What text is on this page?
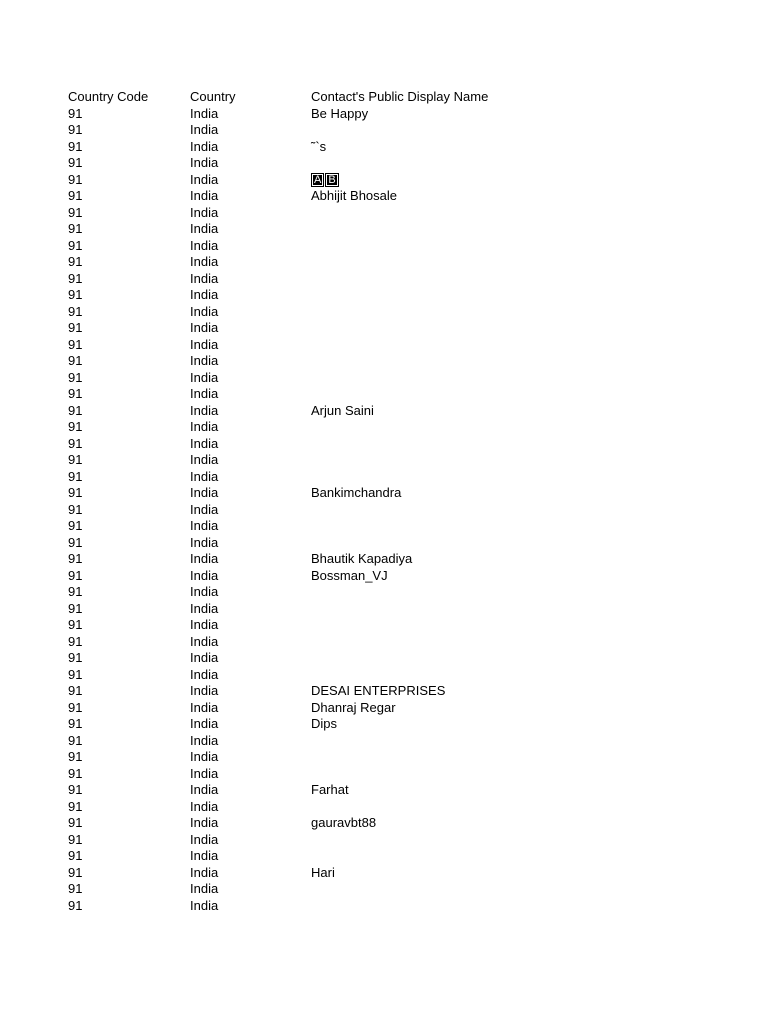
Country Code	Country	Contact's Public Display Name
91	India	Be Happy
91	India
91	India	˜`s
91	India
91	India	A B
91	India	Abhijit Bhosale
91	India
91	India
91	India
91	India
91	India
91	India
91	India
91	India
91	India
91	India
91	India
91	India
91	India	Arjun Saini
91	India
91	India
91	India
91	India
91	India	Bankimchandra
91	India
91	India
91	India
91	India	Bhautik Kapadiya
91	India	Bossman_VJ
91	India
91	India
91	India
91	India
91	India
91	India
91	India	DESAI ENTERPRISES
91	India	Dhanraj Regar
91	India	Dips
91	India
91	India
91	India
91	India	Farhat
91	India
91	India	gauravbt88
91	India
91	India
91	India	Hari
91	India
91	India
